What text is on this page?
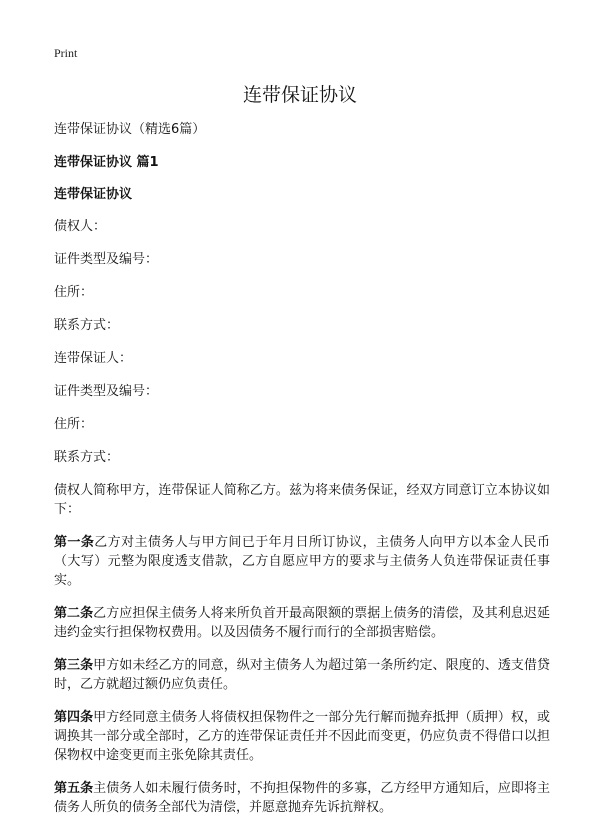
Print
连带保证协议

连带保证协议（精选6篇）

连带保证协议 篇1

连带保证协议

债权人：

证件类型及编号：

住所：

联系方式：

连带保证人：

证件类型及编号：

住所：

联系方式：

债权人简称甲方，连带保证人简称乙方。兹为将来债务保证，经双方同意订立本协议如下：

第一条乙方对主债务人与甲方间已于年月日所订协议，主债务人向甲方以本金人民币（大写）元整为限度透支借款，乙方自愿应甲方的要求与主债务人负连带保证责任事实。

第二条乙方应担保主债务人将来所负首开最高限额的票据上债务的清偿，及其利息迟延违约金实行担保物权费用。以及因债务不履行而行的全部损害赔偿。

第三条甲方如未经乙方的同意，纵对主债务人为超过第一条所约定、限度的、透支借贷时，乙方就超过额仍应负责任。

第四条甲方经同意主债务人将债权担保物件之一部分先行解而抛弃抵押（质押）权，或调换其一部分或全部时，乙方的连带保证责任并不因此而变更，仍应负责不得借口以担保物权中途变更而主张免除其责任。

第五条主债务人如未履行债务时，不拘担保物件的多寡，乙方经甲方通知后，应即将主债务人所负的债务全部代为清偿，并愿意抛弃先诉抗辩权。
